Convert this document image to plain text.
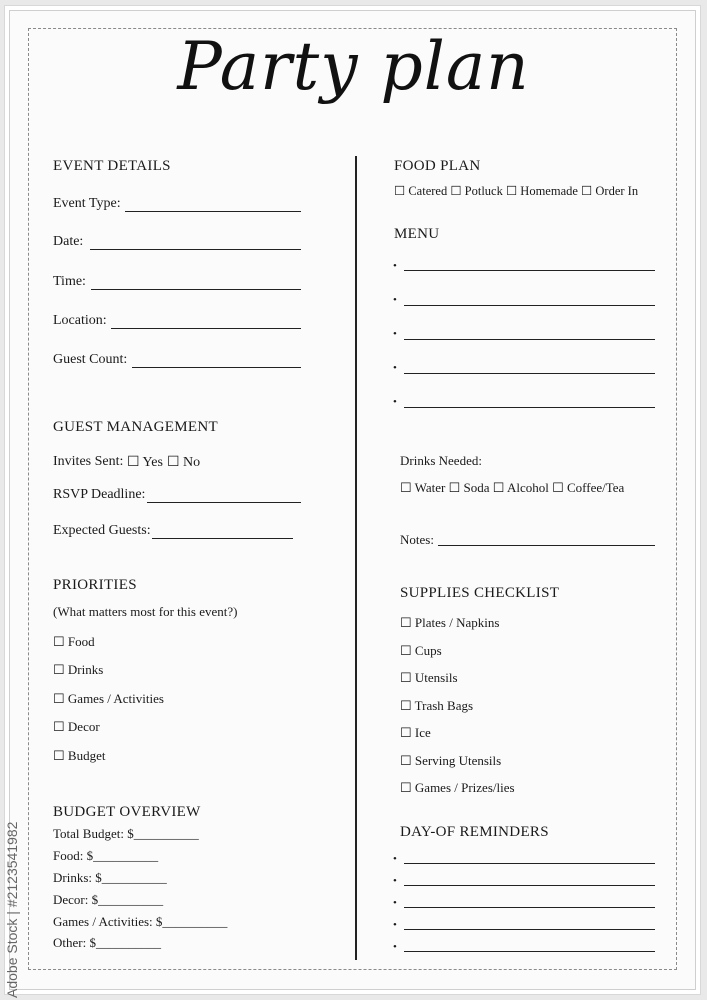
Party plan
EVENT DETAILS
Event Type:
Date:
Time:
Location:
Guest Count:
GUEST MANAGEMENT
Invites Sent: ☐ Yes ☐ No
RSVP Deadline:
Expected Guests:
PRIORITIES
(What matters most for this event?)
☐ Food
☐ Drinks
☐ Games / Activities
☐ Decor
☐ Budget
BUDGET OVERVIEW
Total Budget: $__________
Food: $__________
Drinks: $__________
Decor: $__________
Games / Activities: $__________
Other: $__________
FOOD PLAN
☐ Catered ☐ Potluck ☐ Homemade ☐ Order In
MENU
•
•
•
•
•
Drinks Needed:
☐ Water ☐ Soda ☐ Alcohol ☐ Coffee/Tea
Notes:
SUPPLIES CHECKLIST
☐ Plates / Napkins
☐ Cups
☐ Utensils
☐ Trash Bags
☐ Ice
☐ Serving Utensils
☐ Games / Prizes/lies
DAY-OF REMINDERS
•
•
•
•
•
Adobe Stock | #2123541982
